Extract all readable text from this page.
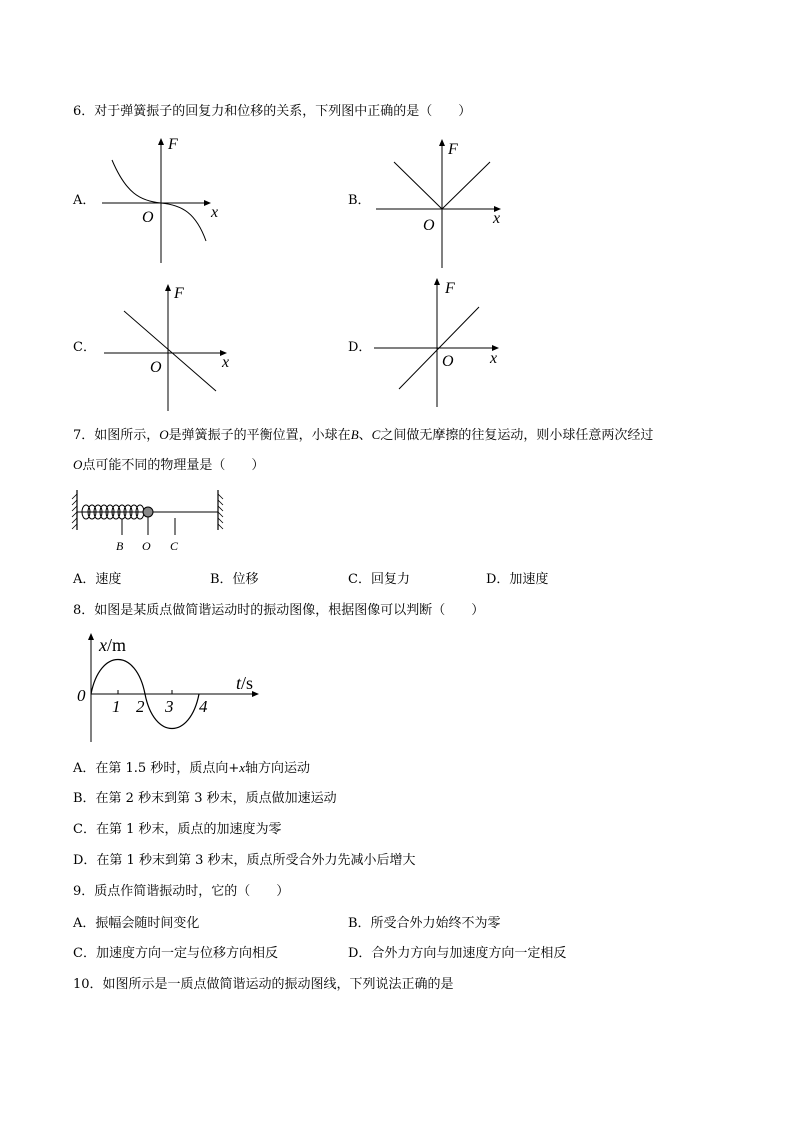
6．对于弹簧振子的回复力和位移的关系，下列图中正确的是（　　）
A．
F
x
O
B．
F
x
O
C．
F
x
O
D．
F
x
O
7．如图所示，O是弹簧振子的平衡位置，小球在B、C之间做无摩擦的往复运动，则小球任意两次经过
O点可能不同的物理量是（　　）
B O C
A．速度	B．位移	C．回复力	D．加速度
8．如图是某质点做简谐运动时的振动图像，根据图像可以判断（　　）
x/m
t/s
0
1 2 3 4
A．在第 1.5 秒时，质点向+x轴方向运动
B．在第 2 秒末到第 3 秒末，质点做加速运动
C．在第 1 秒末，质点的加速度为零
D．在第 1 秒末到第 3 秒末，质点所受合外力先减小后增大
9．质点作简谐振动时，它的（　　）
A．振幅会随时间变化	B．所受合外力始终不为零
C．加速度方向一定与位移方向相反	D．合外力方向与加速度方向一定相反
10．如图所示是一质点做简谐运动的振动图线，下列说法正确的是
